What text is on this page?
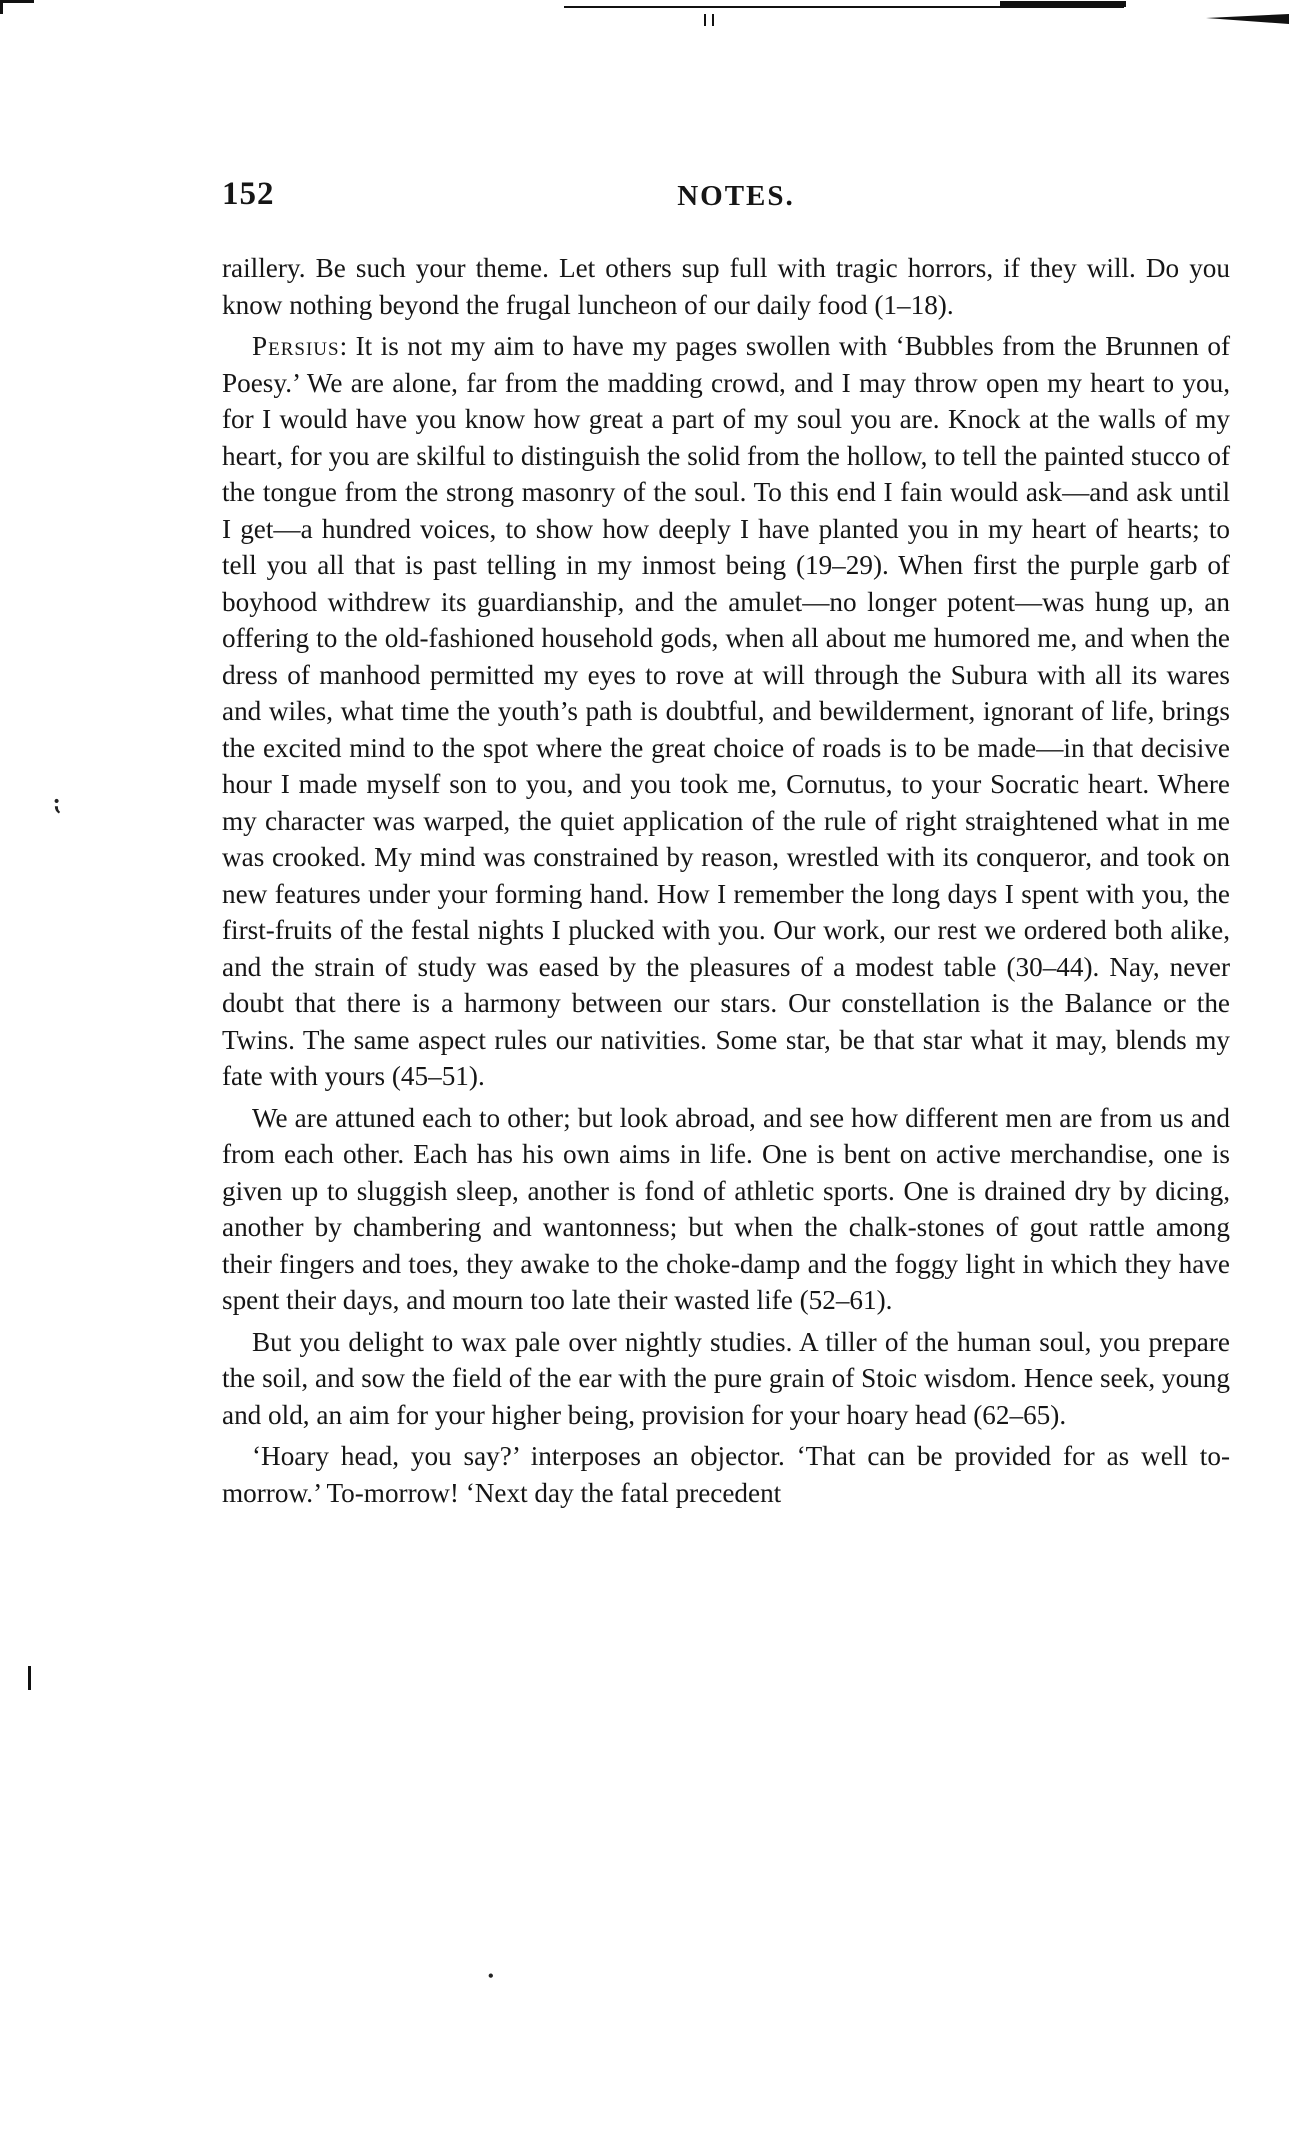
⁏
•
152	NOTES.

raillery. Be such your theme. Let others sup full with tragic horrors, if they will. Do you know nothing beyond the frugal luncheon of our daily food (1–18).

Persius: It is not my aim to have my pages swollen with ‘Bubbles from the Brunnen of Poesy.’ We are alone, far from the madding crowd, and I may throw open my heart to you, for I would have you know how great a part of my soul you are. Knock at the walls of my heart, for you are skilful to distinguish the solid from the hollow, to tell the painted stucco of the tongue from the strong masonry of the soul. To this end I fain would ask—and ask until I get—a hundred voices, to show how deeply I have planted you in my heart of hearts; to tell you all that is past telling in my inmost being (19–29). When first the purple garb of boyhood withdrew its guardianship, and the amulet—no longer potent—was hung up, an offering to the old-fashioned household gods, when all about me humored me, and when the dress of manhood permitted my eyes to rove at will through the Subura with all its wares and wiles, what time the youth’s path is doubtful, and bewilderment, ignorant of life, brings the excited mind to the spot where the great choice of roads is to be made—in that decisive hour I made myself son to you, and you took me, Cornutus, to your Socratic heart. Where my character was warped, the quiet application of the rule of right straightened what in me was crooked. My mind was constrained by reason, wrestled with its conqueror, and took on new features under your forming hand. How I remember the long days I spent with you, the first-fruits of the festal nights I plucked with you. Our work, our rest we ordered both alike, and the strain of study was eased by the pleasures of a modest table (30–44). Nay, never doubt that there is a harmony between our stars. Our constellation is the Balance or the Twins. The same aspect rules our nativities. Some star, be that star what it may, blends my fate with yours (45–51).

We are attuned each to other; but look abroad, and see how different men are from us and from each other. Each has his own aims in life. One is bent on active merchandise, one is given up to sluggish sleep, another is fond of athletic sports. One is drained dry by dicing, another by chambering and wantonness; but when the chalk-stones of gout rattle among their fingers and toes, they awake to the choke-damp and the foggy light in which they have spent their days, and mourn too late their wasted life (52–61).

But you delight to wax pale over nightly studies. A tiller of the human soul, you prepare the soil, and sow the field of the ear with the pure grain of Stoic wisdom. Hence seek, young and old, an aim for your higher being, provision for your hoary head (62–65).

‘Hoary head, you say?’ interposes an objector. ‘That can be provided for as well to-morrow.’ To-morrow! ‘Next day the fatal precedent
